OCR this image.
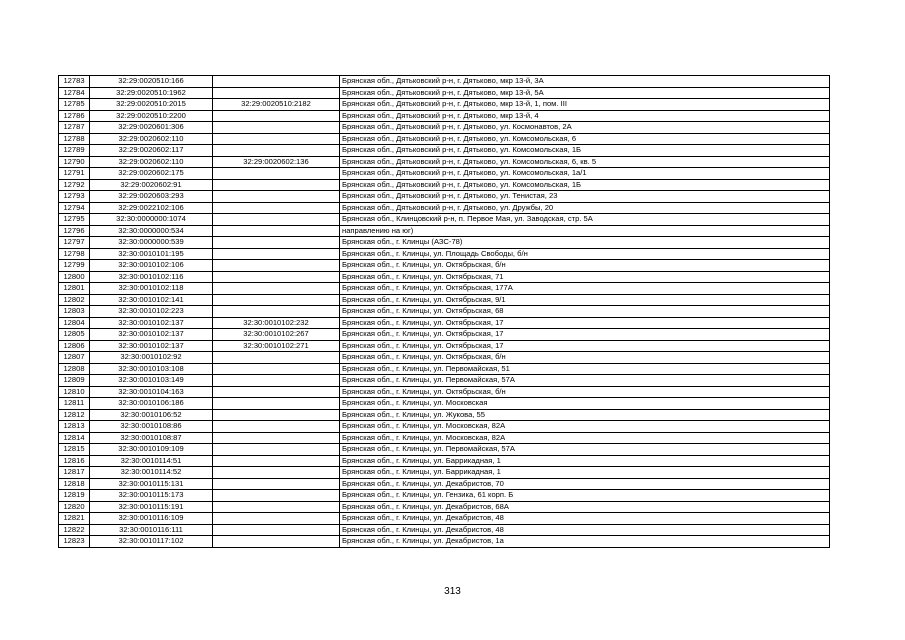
12783	32:29:0020510:166		Брянская обл., Дятьковский р-н, г. Дятьково, мкр 13-й, 3А
12784	32:29:0020510:1962		Брянская обл., Дятьковский р-н, г. Дятьково, мкр 13-й, 5А
12785	32:29:0020510:2015	32:29:0020510:2182	Брянская обл., Дятьковский р-н, г. Дятьково, мкр 13-й, 1, пом. III
12786	32:29:0020510:2200		Брянская обл., Дятьковский р-н, г. Дятьково, мкр 13-й, 4
12787	32:29:0020601:306		Брянская обл., Дятьковский р-н, г. Дятьково, ул. Космонавтов, 2А
12788	32:29:0020602:110		Брянская обл., Дятьковский р-н, г. Дятьково, ул. Комсомольская, 6
12789	32:29:0020602:117		Брянская обл., Дятьковский р-н, г. Дятьково, ул. Комсомольская, 1Б
12790	32:29:0020602:110	32:29:0020602:136	Брянская обл., Дятьковский р-н, г. Дятьково, ул. Комсомольская, 6, кв. 5
12791	32:29:0020602:175		Брянская обл., Дятьковский р-н, г. Дятьково, ул. Комсомольская, 1а/1
12792	32:29:0020602:91		Брянская обл., Дятьковский р-н, г. Дятьково, ул. Комсомольская, 1Б
12793	32:29:0020603:293		Брянская обл., Дятьковский р-н, г. Дятьково, ул. Тенистая, 23
12794	32:29:0022102:106		Брянская обл., Дятьковский р-н, г. Дятьково, ул. Дружбы, 20
12795	32:30:0000000:1074		Брянская обл., Клинцовский р-н, п. Первое Мая, ул. Заводская, стр. 5А
12796	32:30:0000000:534		направлению на юг)
12797	32:30:0000000:539		Брянская обл., г. Клинцы (АЗС-78)
12798	32:30:0010101:195		Брянская обл., г. Клинцы, ул. Площадь Свободы, б/н
12799	32:30:0010102:106		Брянская обл., г. Клинцы, ул. Октябрьская, б/н
12800	32:30:0010102:116		Брянская обл., г. Клинцы, ул. Октябрьская, 71
12801	32:30:0010102:118		Брянская обл., г. Клинцы, ул. Октябрьская, 177А
12802	32:30:0010102:141		Брянская обл., г. Клинцы, ул. Октябрьская, 9/1
12803	32:30:0010102:223		Брянская обл., г. Клинцы, ул. Октябрьская, 68
12804	32:30:0010102:137	32:30:0010102:232	Брянская обл., г. Клинцы, ул. Октябрьская, 17
12805	32:30:0010102:137	32:30:0010102:267	Брянская обл., г. Клинцы, ул. Октябрьская, 17
12806	32:30:0010102:137	32:30:0010102:271	Брянская обл., г. Клинцы, ул. Октябрьская, 17
12807	32:30:0010102:92		Брянская обл., г. Клинцы, ул. Октябрьская, б/н
12808	32:30:0010103:108		Брянская обл., г. Клинцы, ул. Первомайская, 51
12809	32:30:0010103:149		Брянская обл., г. Клинцы, ул. Первомайская, 57А
12810	32:30:0010104:163		Брянская обл., г. Клинцы, ул. Октябрьская, б/н
12811	32:30:0010106:186		Брянская обл., г. Клинцы, ул. Московская
12812	32:30:0010106:52		Брянская обл., г. Клинцы, ул. Жукова, 55
12813	32:30:0010108:86		Брянская обл., г. Клинцы, ул. Московская, 82А
12814	32:30:0010108:87		Брянская обл., г. Клинцы, ул. Московская, 82А
12815	32:30:0010109:109		Брянская обл., г. Клинцы, ул. Первомайская, 57А
12816	32:30:0010114:51		Брянская обл., г. Клинцы, ул. Баррикадная, 1
12817	32:30:0010114:52		Брянская обл., г. Клинцы, ул. Баррикадная, 1
12818	32:30:0010115:131		Брянская обл., г. Клинцы, ул. Декабристов, 70
12819	32:30:0010115:173		Брянская обл., г. Клинцы, ул. Гензика, 61 корп. Б
12820	32:30:0010115:191		Брянская обл., г. Клинцы, ул. Декабристов, 68А
12821	32:30:0010116:109		Брянская обл., г. Клинцы, ул. Декабристов, 48
12822	32:30:0010116:111		Брянская обл., г. Клинцы, ул. Декабристов, 48
12823	32:30:0010117:102		Брянская обл., г. Клинцы, ул. Декабристов, 1а
313
